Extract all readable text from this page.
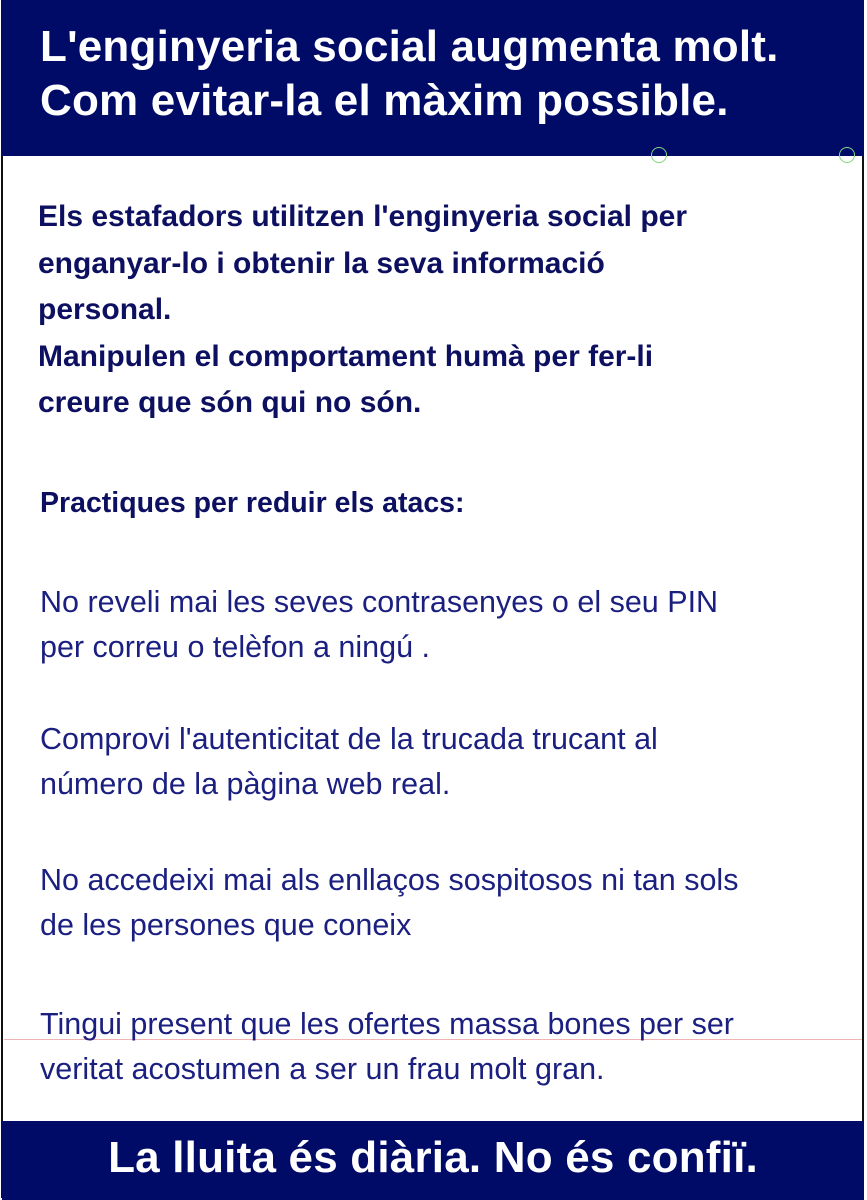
L'enginyeria social augmenta molt.
Com evitar-la el màxim possible.
Els estafadors utilitzen l'enginyeria social per
enganyar-lo i obtenir la seva informació
personal.
Manipulen el comportament humà per fer-li
creure que són qui no són.
Practiques per reduir els atacs:
No reveli mai les seves contrasenyes o el seu PIN
per correu o telèfon a ningú .
Comprovi l'autenticitat de la trucada trucant al
número de la pàgina web real.
No accedeixi mai als enllaços sospitosos ni tan sols
de les persones que coneix
Tingui present que les ofertes massa bones per ser
veritat acostumen a ser un frau molt gran.
La lluita és diària. No és confiï.
